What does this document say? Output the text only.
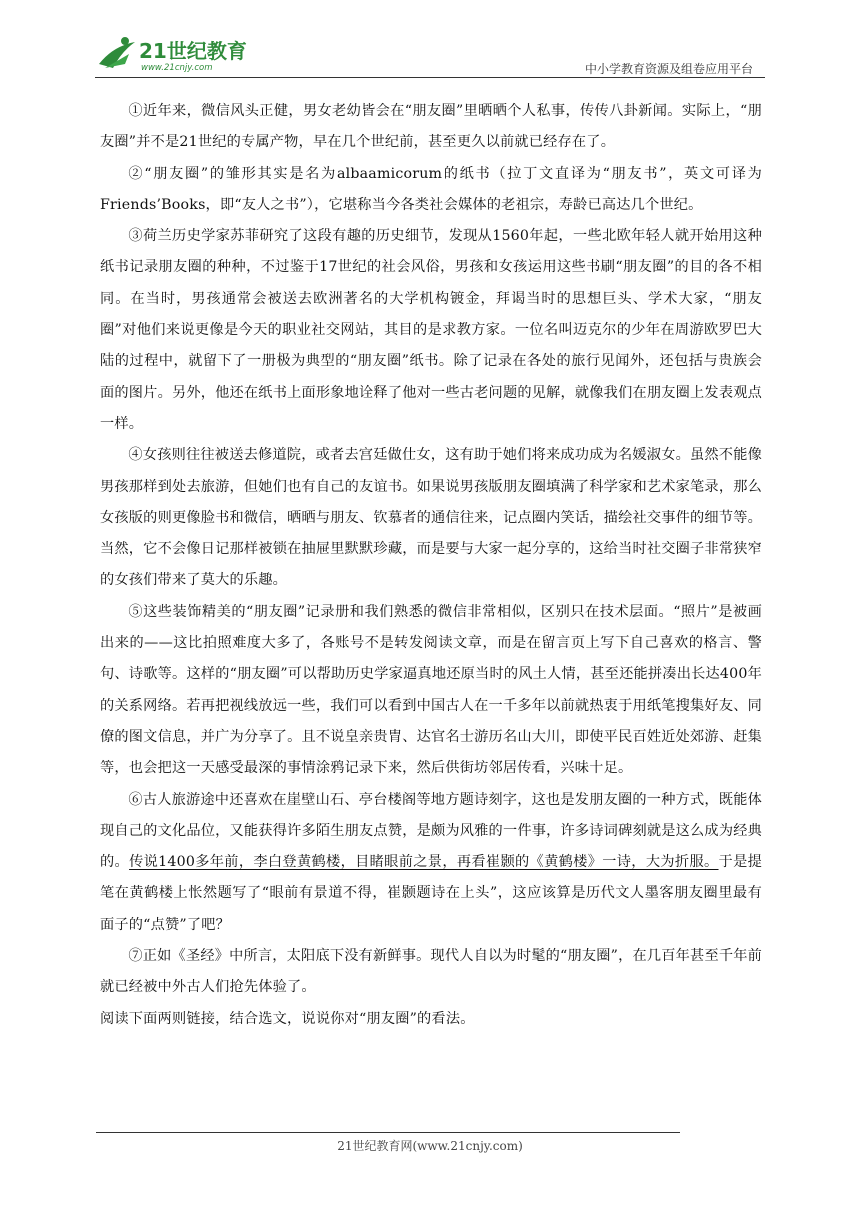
21世纪教育
www.21cnjy.com	中小学教育资源及组卷应用平台

①近年来，微信风头正健，男女老幼皆会在“朋友圈”里晒晒个人私事，传传八卦新闻。实际上，“朋友圈”并不是21世纪的专属产物，早在几个世纪前，甚至更久以前就已经存在了。

②“朋友圈”的雏形其实是名为albaamicorum的纸书（拉丁文直译为“朋友书”，英文可译为Friends’Books，即“友人之书”），它堪称当今各类社会媒体的老祖宗，寿龄已高达几个世纪。

③荷兰历史学家苏菲研究了这段有趣的历史细节，发现从1560年起，一些北欧年轻人就开始用这种纸书记录朋友圈的种种，不过鉴于17世纪的社会风俗，男孩和女孩运用这些书刷“朋友圈”的目的各不相同。在当时，男孩通常会被送去欧洲著名的大学机构镀金，拜谒当时的思想巨头、学术大家，“朋友圈”对他们来说更像是今天的职业社交网站，其目的是求教方家。一位名叫迈克尔的少年在周游欧罗巴大陆的过程中，就留下了一册极为典型的“朋友圈”纸书。除了记录在各处的旅行见闻外，还包括与贵族会面的图片。另外，他还在纸书上面形象地诠释了他对一些古老问题的见解，就像我们在朋友圈上发表观点一样。

④女孩则往往被送去修道院，或者去宫廷做仕女，这有助于她们将来成功成为名媛淑女。虽然不能像男孩那样到处去旅游，但她们也有自己的友谊书。如果说男孩版朋友圈填满了科学家和艺术家笔录，那么女孩版的则更像脸书和微信，晒晒与朋友、钦慕者的通信往来，记点圈内笑话，描绘社交事件的细节等。当然，它不会像日记那样被锁在抽屉里默默珍藏，而是要与大家一起分享的，这给当时社交圈子非常狭窄的女孩们带来了莫大的乐趣。

⑤这些装饰精美的“朋友圈”记录册和我们熟悉的微信非常相似，区别只在技术层面。“照片”是被画出来的——这比拍照难度大多了，各账号不是转发阅读文章，而是在留言页上写下自己喜欢的格言、警句、诗歌等。这样的“朋友圈”可以帮助历史学家逼真地还原当时的风土人情，甚至还能拼凑出长达400年的关系网络。若再把视线放远一些，我们可以看到中国古人在一千多年以前就热衷于用纸笔搜集好友、同僚的图文信息，并广为分享了。且不说皇亲贵胄、达官名士游历名山大川，即使平民百姓近处郊游、赶集等，也会把这一天感受最深的事情涂鸦记录下来，然后供街坊邻居传看，兴味十足。

⑥古人旅游途中还喜欢在崖壁山石、亭台楼阁等地方题诗刻字，这也是发朋友圈的一种方式，既能体现自己的文化品位，又能获得许多陌生朋友点赞，是颇为风雅的一件事，许多诗词碑刻就是这么成为经典的。传说1400多年前，李白登黄鹤楼，目睹眼前之景，再看崔颢的《黄鹤楼》一诗，大为折服。于是提笔在黄鹤楼上怅然题写了“眼前有景道不得，崔颢题诗在上头”，这应该算是历代文人墨客朋友圈里最有面子的“点赞”了吧？

⑦正如《圣经》中所言，太阳底下没有新鲜事。现代人自以为时髦的“朋友圈”，在几百年甚至千年前就已经被中外古人们抢先体验了。

阅读下面两则链接，结合选文，说说你对“朋友圈”的看法。

21世纪教育网(www.21cnjy.com)
